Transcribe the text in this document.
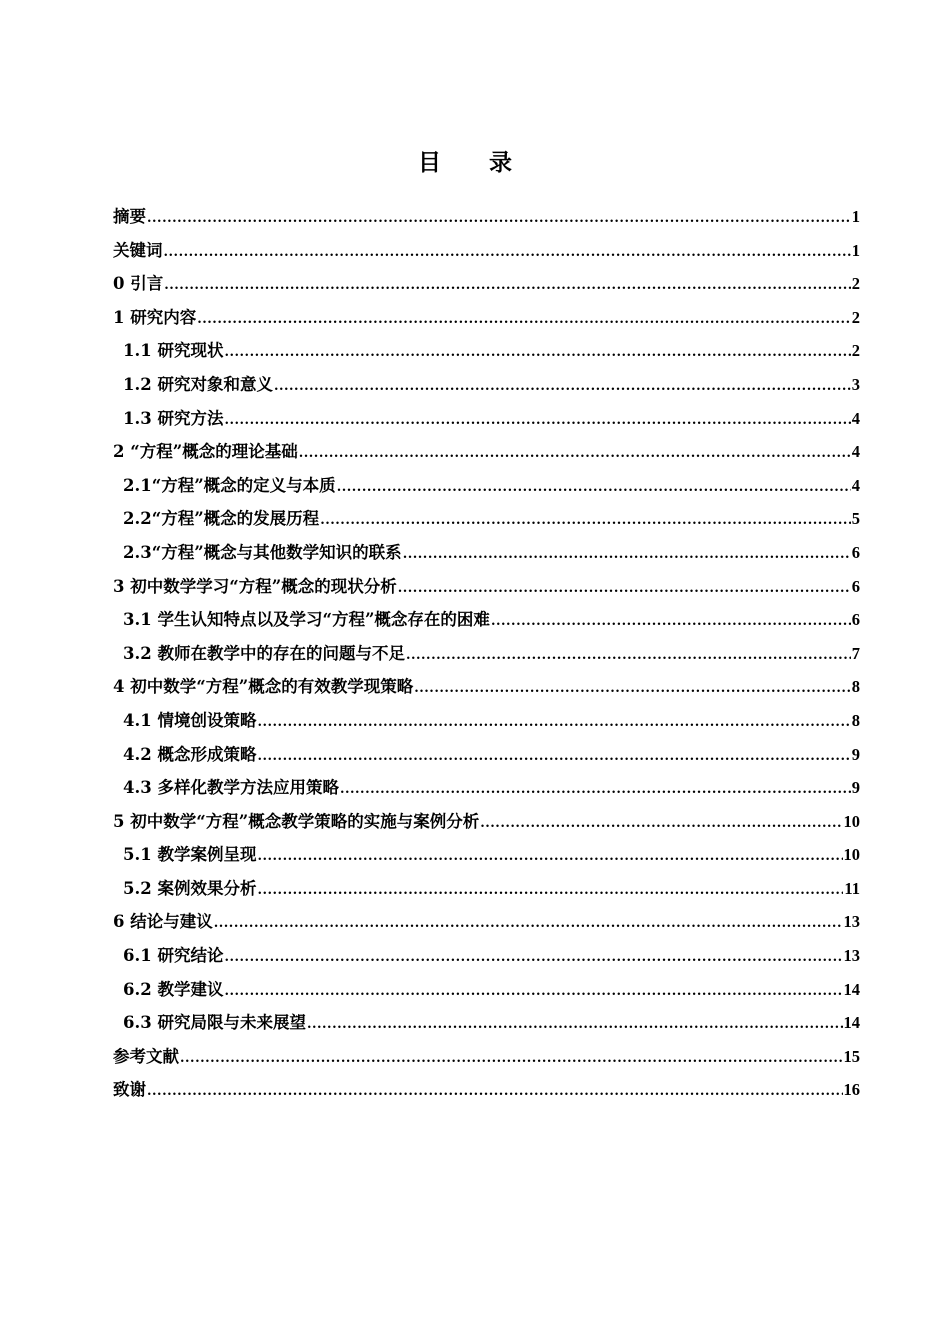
目录
摘要 .....	1
关键词 .....	1
0 引言 .....	2
1 研究内容 .....	2
1.1 研究现状 .....	2
1.2 研究对象和意义 .....	3
1.3 研究方法 .....	4
2 “方程”概念的理论基础 .....	4
2.1“方程”概念的定义与本质 .....	4
2.2“方程”概念的发展历程 .....	5
2.3“方程”概念与其他数学知识的联系 .....	6
3 初中数学学习“方程”概念的现状分析 .....	6
3.1 学生认知特点以及学习“方程”概念存在的困难 .....	6
3.2 教师在教学中的存在的问题与不足 .....	7
4 初中数学“方程”概念的有效教学现策略 .....	8
4.1 情境创设策略 .....	8
4.2 概念形成策略 .....	9
4.3 多样化教学方法应用策略 .....	9
5 初中数学“方程”概念教学策略的实施与案例分析 .....	10
5.1 教学案例呈现 .....	10
5.2 案例效果分析 .....	11
6 结论与建议 .....	13
6.1 研究结论 .....	13
6.2 教学建议 .....	14
6.3 研究局限与未来展望 .....	14
参考文献 .....	15
致谢 .....	16
